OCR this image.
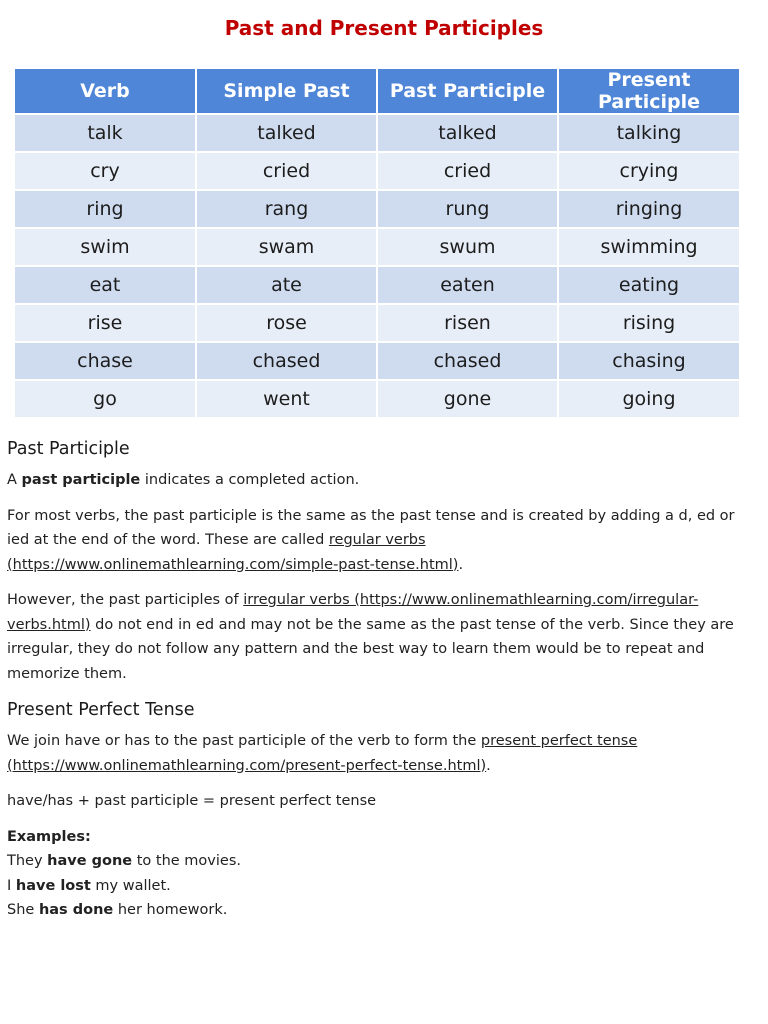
Past and Present Participles
Verb	Simple Past	Past Participle	Present Participle
talk	talked	talked	talking
cry	cried	cried	crying
ring	rang	rung	ringing
swim	swam	swum	swimming
eat	ate	eaten	eating
rise	rose	risen	rising
chase	chased	chased	chasing
go	went	gone	going
Past Participle

A past participle indicates a completed action.

For most verbs, the past participle is the same as the past tense and is created by adding a d, ed or ied at the end of the word. These are called regular verbs
(https://www.onlinemathlearning.com/simple-past-tense.html).

However, the past participles of irregular verbs (https://www.onlinemathlearning.com/irregular-verbs.html) do not end in ed and may not be the same as the past tense of the verb. Since they are irregular, they do not follow any pattern and the best way to learn them would be to repeat and memorize them.

Present Perfect Tense

We join have or has to the past participle of the verb to form the present perfect tense
(https://www.onlinemathlearning.com/present-perfect-tense.html).

have/has + past participle = present perfect tense

Examples:

They have gone to the movies.

I have lost my wallet.

She has done her homework.
